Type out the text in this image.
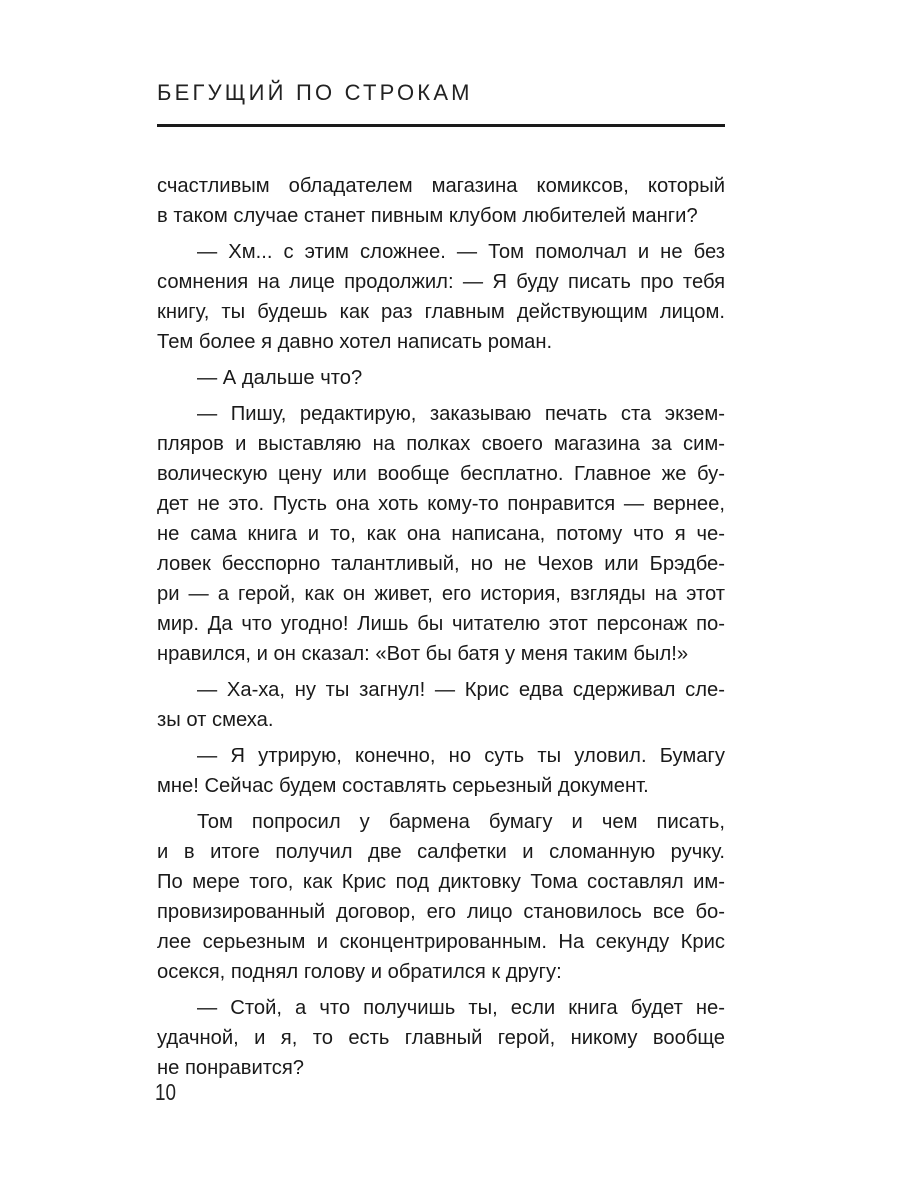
БЕГУЩИЙ ПО СТРОКАМ

счастливым обладателем магазина комиксов, который
в таком случае станет пивным клубом любителей манги?

— Хм... с этим сложнее. — Том помолчал и не без
сомнения на лице продолжил: — Я буду писать про тебя
книгу, ты будешь как раз главным действующим лицом.
Тем более я давно хотел написать роман.

— А дальше что?

— Пишу, редактирую, заказываю печать ста экзем-
пляров и выставляю на полках своего магазина за сим-
волическую цену или вообще бесплатно. Главное же бу-
дет не это. Пусть она хоть кому-то понравится — вернее,
не сама книга и то, как она написана, потому что я че-
ловек бесспорно талантливый, но не Чехов или Брэдбе-
ри — а герой, как он живет, его история, взгляды на этот
мир. Да что угодно! Лишь бы читателю этот персонаж по-
нравился, и он сказал: «Вот бы батя у меня таким был!»

— Ха-ха, ну ты загнул! — Крис едва сдерживал сле-
зы от смеха.

— Я утрирую, конечно, но суть ты уловил. Бумагу
мне! Сейчас будем составлять серьезный документ.

Том попросил у бармена бумагу и чем писать,
и в итоге получил две салфетки и сломанную ручку.
По мере того, как Крис под диктовку Тома составлял им-
провизированный договор, его лицо становилось все бо-
лее серьезным и сконцентрированным. На секунду Крис
осекся, поднял голову и обратился к другу:

— Стой, а что получишь ты, если книга будет не-
удачной, и я, то есть главный герой, никому вообще
не понравится?

10
